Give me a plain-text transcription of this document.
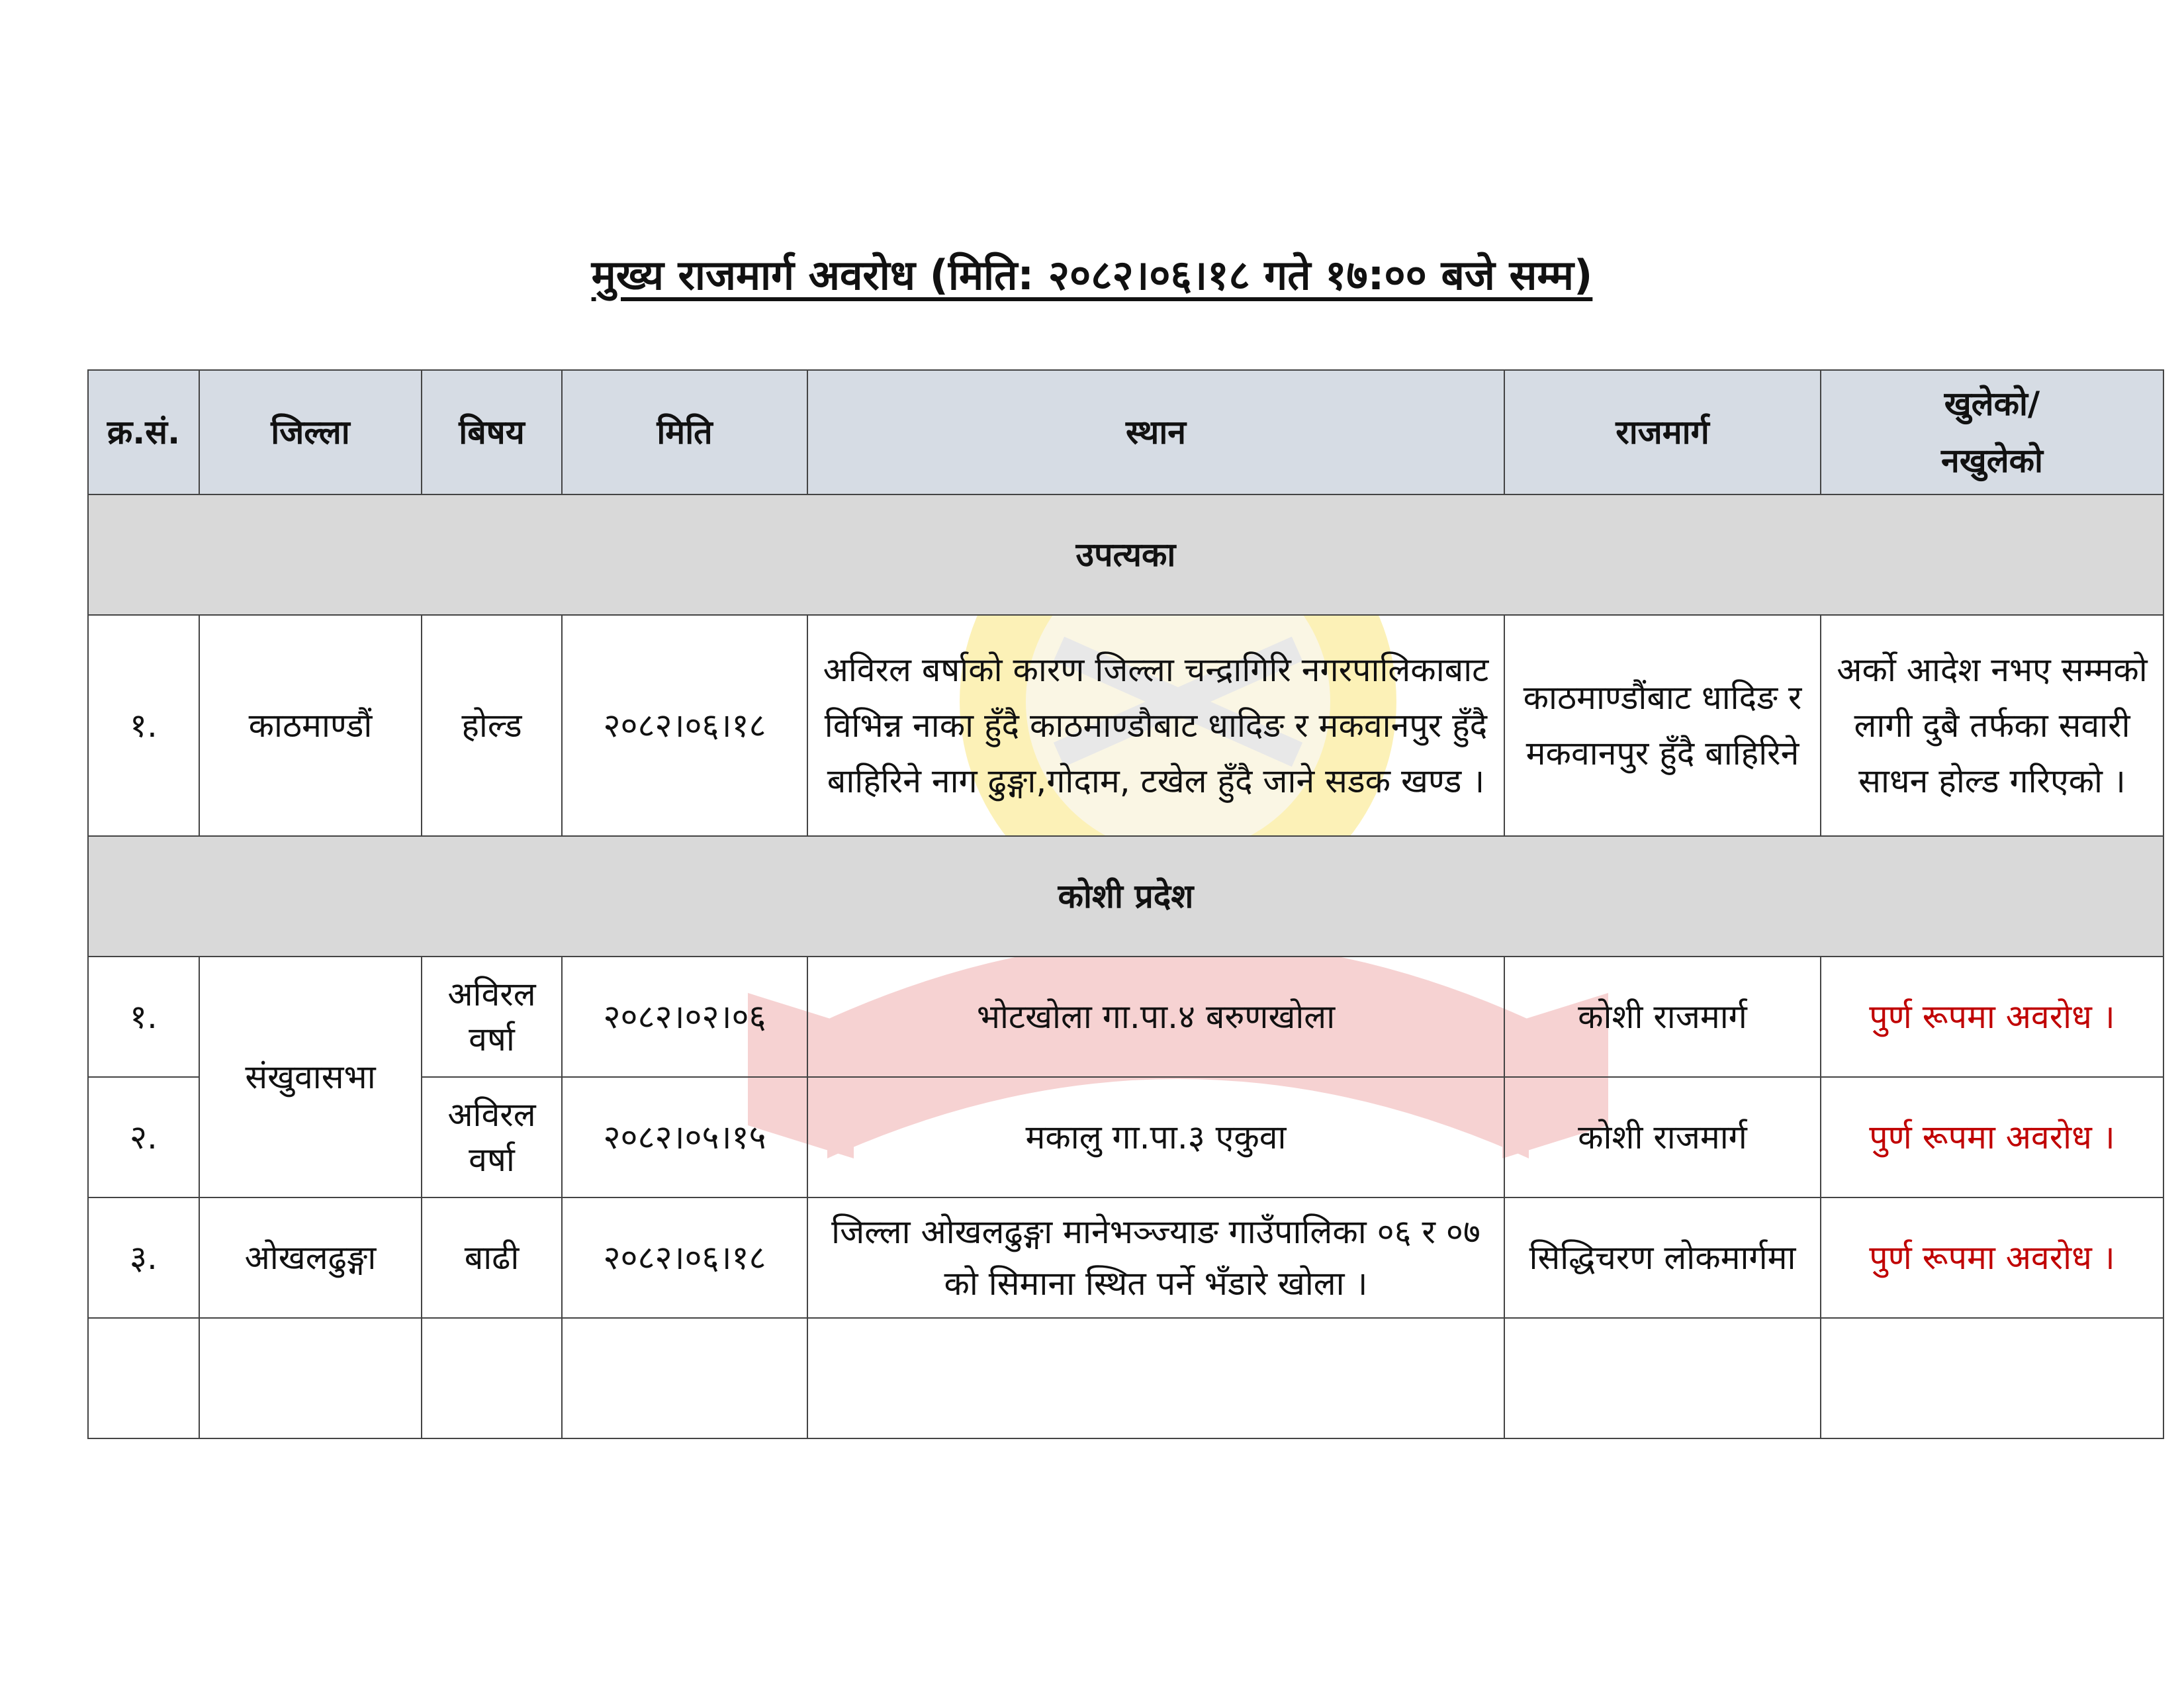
मुख्य राजमार्ग अवरोध (मिति: २०८२।०६।१८ गते १७:०० बजे सम्म)
क्र.सं.	जिल्ला	बिषय	मिति	स्थान	राजमार्ग	खुलेको/
नखुलेको

उपत्यका						
१.	काठमाण्डौं	होल्ड	२०८२।०६।१८	अविरल बर्षाको कारण जिल्ला चन्द्रागिरि नगरपालिकाबाट विभिन्न नाका हुँदै काठमाण्डौबाट धादिङ र मकवानपुर हुँदै बाहिरिने नाग ढुङ्गा,गोदाम, टखेल हुँदै जाने सडक खण्ड ।	काठमाण्डौंबाट धादिङ र मकवानपुर हुँदै बाहिरिने	अर्को आदेश नभए सम्मको लागी दुबै तर्फका सवारी साधन होल्ड गरिएको ।
कोशी प्रदेश						
१.	संखुवासभा	अविरल वर्षा	२०८२।०२।०६	भोटखोला गा.पा.४ बरुणखोला	कोशी राजमार्ग	पुर्ण रूपमा अवरोध ।
२.		अविरल वर्षा	२०८२।०५।१५	मकालु गा.पा.३ एकुवा	कोशी राजमार्ग	पुर्ण रूपमा अवरोध ।
३.	ओखलढुङ्गा	बाढी	२०८२।०६।१८	जिल्ला ओखलढुङ्गा मानेभञ्ज्याङ गाउँपालिका ०६ र ०७ को सिमाना स्थित पर्ने भँडारे खोला ।	सिद्धिचरण लोकमार्गमा	पुर्ण रूपमा अवरोध ।
